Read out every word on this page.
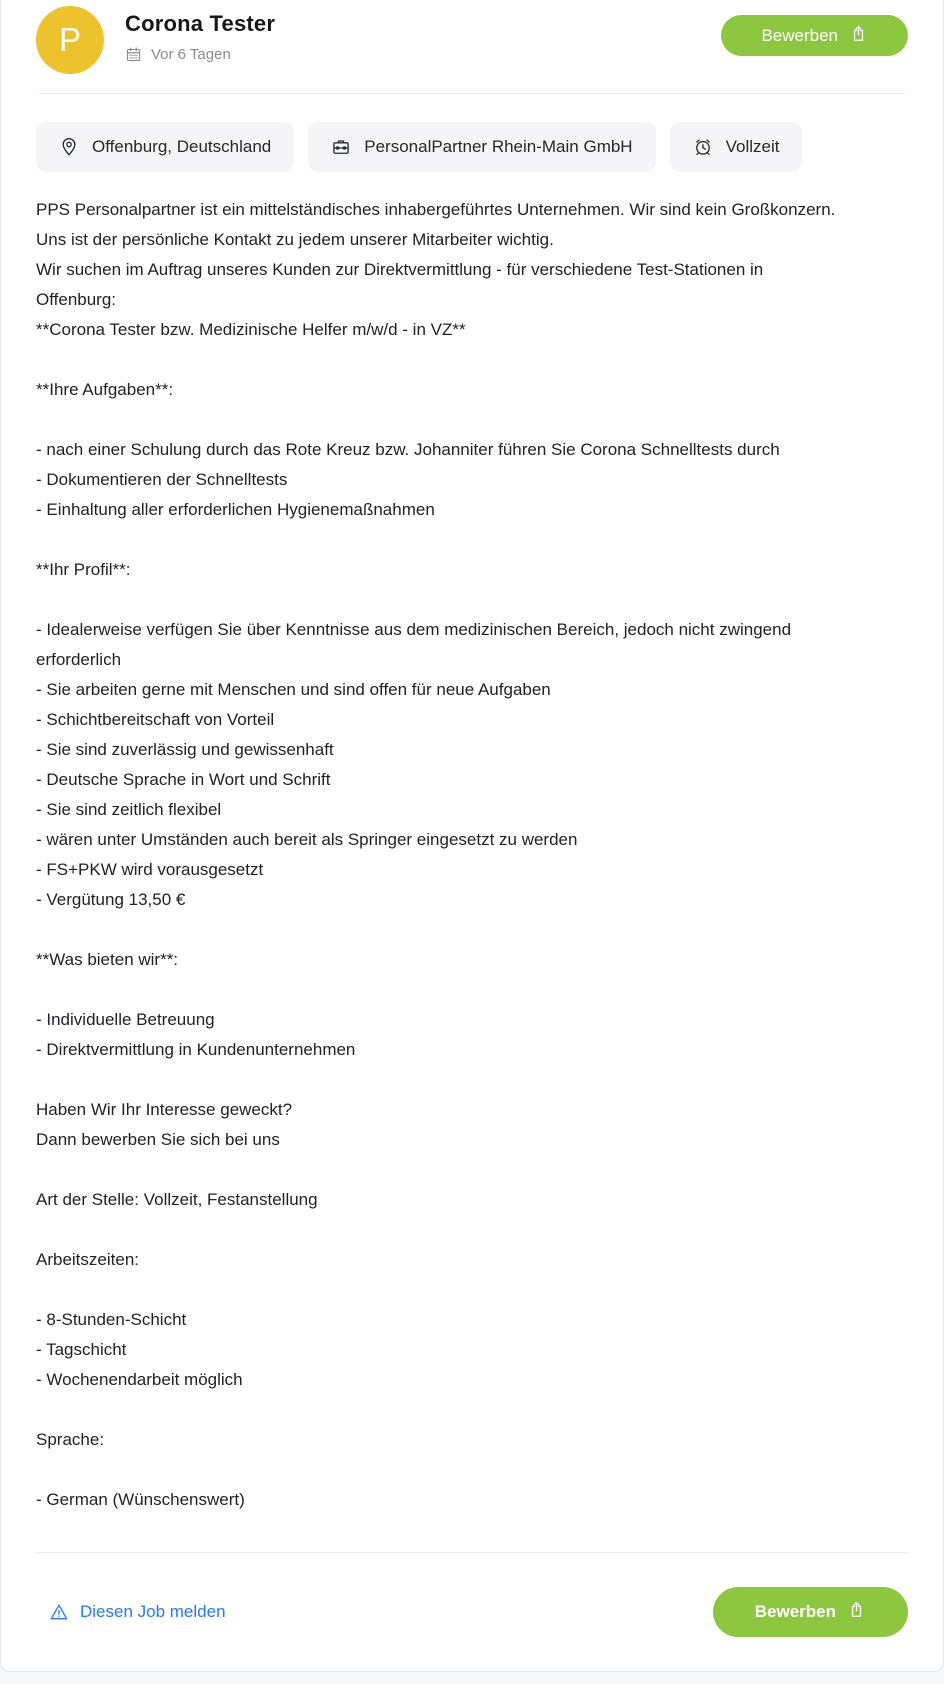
P Corona Tester
Vor 6 Tagen
Bewerben
Offenburg, Deutschland	PersonalPartner Rhein-Main GmbH	Vollzeit
PPS Personalpartner ist ein mittelständisches inhabergeführtes Unternehmen. Wir sind kein Großkonzern. Uns ist der persönliche Kontakt zu jedem unserer Mitarbeiter wichtig.
Wir suchen im Auftrag unseres Kunden zur Direktvermittlung - für verschiedene Test-Stationen in Offenburg:
**Corona Tester bzw. Medizinische Helfer m/w/d - in VZ**
**Ihre Aufgaben**:
- nach einer Schulung durch das Rote Kreuz bzw. Johanniter führen Sie Corona Schnelltests durch
- Dokumentieren der Schnelltests
- Einhaltung aller erforderlichen Hygienemaßnahmen
**Ihr Profil**:
- Idealerweise verfügen Sie über Kenntnisse aus dem medizinischen Bereich, jedoch nicht zwingend erforderlich
- Sie arbeiten gerne mit Menschen und sind offen für neue Aufgaben
- Schichtbereitschaft von Vorteil
- Sie sind zuverlässig und gewissenhaft
- Deutsche Sprache in Wort und Schrift
- Sie sind zeitlich flexibel
- wären unter Umständen auch bereit als Springer eingesetzt zu werden
- FS+PKW wird vorausgesetzt
- Vergütung 13,50 €
**Was bieten wir**:
- Individuelle Betreuung
- Direktvermittlung in Kundenunternehmen
Haben Wir Ihr Interesse geweckt?
Dann bewerben Sie sich bei uns
Art der Stelle: Vollzeit, Festanstellung
Arbeitszeiten:
- 8-Stunden-Schicht
- Tagschicht
- Wochenendarbeit möglich
Sprache:
- German (Wünschenswert)
Diesen Job melden	Bewerben
